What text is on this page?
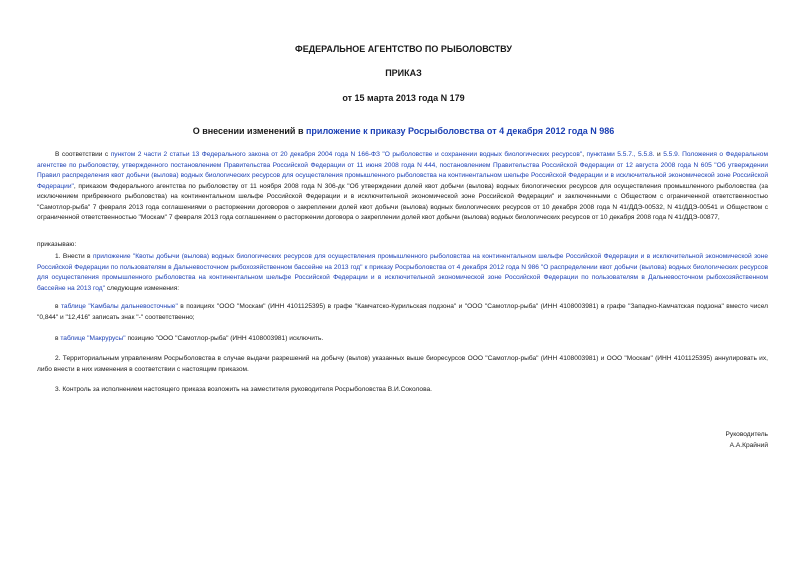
ФЕДЕРАЛЬНОЕ АГЕНТСТВО ПО РЫБОЛОВСТВУ
ПРИКАЗ
от 15 марта 2013 года N 179
О внесении изменений в приложение к приказу Росрыболовства от 4 декабря 2012 года N 986

В соответствии с пунктом 2 части 2 статьи 13 Федерального закона от 20 декабря 2004 года N 166-ФЗ "О рыболовстве и сохранении водных биологических ресурсов", пунктами 5.5.7., 5.5.8. и 5.5.9. Положения о Федеральном агентстве по рыболовству, утвержденного постановлением Правительства Российской Федерации от 11 июня 2008 года N 444, постановлением Правительства Российской Федерации от 12 августа 2008 года N 605 "Об утверждении Правил распределения квот добычи (вылова) водных биологических ресурсов для осуществления промышленного рыболовства на континентальном шельфе Российской Федерации и в исключительной экономической зоне Российской Федерации", приказом Федерального агентства по рыболовству от 11 ноября 2008 года N 306-дк "Об утверждении долей квот добычи (вылова) водных биологических ресурсов для осуществления промышленного рыболовства (за исключением прибрежного рыболовства) на континентальном шельфе Российской Федерации и в исключительной экономической зоне Российской Федерации" и заключенными с Обществом с ограниченной ответственностью "Самотлор-рыба" 7 февраля 2013 года соглашениями о расторжении договоров о закреплении долей квот добычи (вылова) водных биологических ресурсов от 10 декабря 2008 года N 41/ДДЭ-00532, N 41/ДДЭ-00541 и Обществом с ограниченной ответственностью "Москам" 7 февраля 2013 года соглашением о расторжении договора о закреплении долей квот добычи (вылова) водных биологических ресурсов от 10 декабря 2008 года N 41/ДДЭ-00877,

приказываю:

1. Внести в приложение "Квоты добычи (вылова) водных биологических ресурсов для осуществления промышленного рыболовства на континентальном шельфе Российской Федерации и в исключительной экономической зоне Российской Федерации по пользователям в Дальневосточном рыбохозяйственном бассейне на 2013 год" к приказу Росрыболовства от 4 декабря 2012 года N 986 "О распределении квот добычи (вылова) водных биологических ресурсов для осуществления промышленного рыболовства на континентальном шельфе Российской Федерации и в исключительной экономической зоне Российской Федерации по пользователям в Дальневосточном рыбохозяйственном бассейне на 2013 год" следующие изменения:

в таблице "Камбалы дальневосточные" в позициях "ООО "Москам" (ИНН 4101125395) в графе "Камчатско-Курильская подзона" и "ООО "Самотлор-рыба" (ИНН 4108003981) в графе "Западно-Камчатская подзона" вместо чисел "0,844" и "12,416" записать знак "-" соответственно;

в таблице "Макрурусы" позицию "ООО "Самотлор-рыба" (ИНН 4108003981) исключить.

2. Территориальным управлениям Росрыболовства в случае выдачи разрешений на добычу (вылов) указанных выше биоресурсов ООО "Самотлор-рыба" (ИНН 4108003981) и ООО "Москам" (ИНН 4101125395) аннулировать их, либо внести в них изменения в соответствии с настоящим приказом.

3. Контроль за исполнением настоящего приказа возложить на заместителя руководителя Росрыболовства В.И.Соколова.

Руководитель
А.А.Крайний
